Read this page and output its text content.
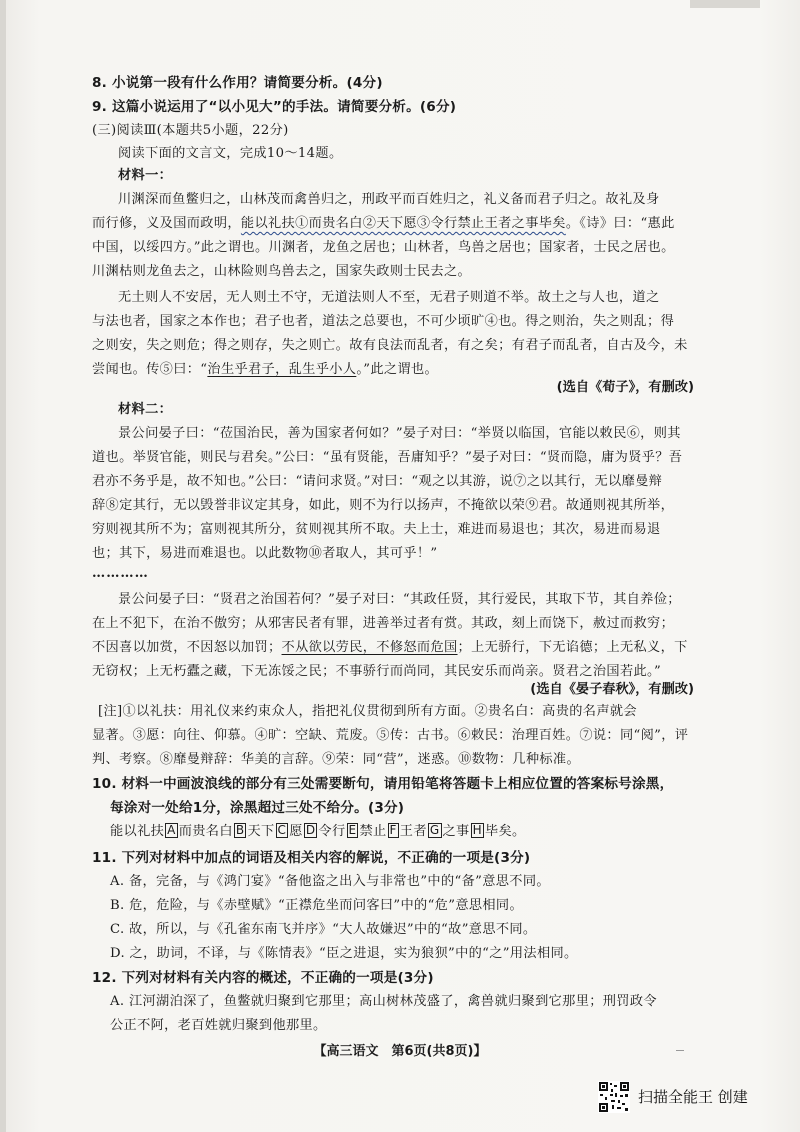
8. 小说第一段有什么作用？请简要分析。(4分)
9. 这篇小说运用了“以小见大”的手法。请简要分析。(6分)
(三)阅读Ⅲ(本题共5小题，22分)
阅读下面的文言文，完成10～14题。
材料一：
川渊深而鱼鳖归之，山林茂而禽兽归之，刑政平而百姓归之，礼义备而君子归之。故礼及身
而行修，义及国而政明，能以礼扶①而贵名白②天下愿③令行禁止王者之事毕矣。《诗》曰：“惠此
中国，以绥四方。”此之谓也。川渊者，龙鱼之居也；山林者，鸟兽之居也；国家者，士民之居也。
川渊枯则龙鱼去之，山林险则鸟兽去之，国家失政则士民去之。
无土则人不安居，无人则土不守，无道法则人不至，无君子则道不举。故土之与人也，道之
与法也者，国家之本作也；君子也者，道法之总要也，不可少顷旷④也。得之则治，失之则乱；得
之则安，失之则危；得之则存，失之则亡。故有良法而乱者，有之矣；有君子而乱者，自古及今，未
尝闻也。传⑤曰：“治生乎君子，乱生乎小人。”此之谓也。
(选自《荀子》，有删改)
材料二：
景公问晏子曰：“莅国治民，善为国家者何如？”晏子对曰：“举贤以临国，官能以敕民⑥，则其
道也。举贤官能，则民与君矣。”公曰：“虽有贤能，吾庸知乎？”晏子对曰：“贤而隐，庸为贤乎？吾
君亦不务乎是，故不知也。”公曰：“请问求贤。”对曰：“观之以其游，说⑦之以其行，无以靡曼辩
辞⑧定其行，无以毁誉非议定其身，如此，则不为行以扬声，不掩欲以荣⑨君。故通则视其所举，
穷则视其所不为；富则视其所分，贫则视其所不取。夫上士，难进而易退也；其次，易进而易退
也；其下，易进而难退也。以此数物⑩者取人，其可乎！”
…………
景公问晏子曰：“贤君之治国若何？”晏子对曰：“其政任贤，其行爱民，其取下节，其自养俭；
在上不犯下，在治不傲穷；从邪害民者有罪，进善举过者有赏。其政，刻上而饶下，赦过而救穷；
不因喜以加赏，不因怒以加罚；不从欲以劳民，不修怒而危国；上无骄行，下无谄德；上无私义，下
无窃权；上无朽蠹之藏，下无冻馁之民；不事骄行而尚同，其民安乐而尚亲。贤君之治国若此。”
(选自《晏子春秋》，有删改)
[注]①以礼扶：用礼仪来约束众人，指把礼仪贯彻到所有方面。②贵名白：高贵的名声就会
显著。③愿：向往、仰慕。④旷：空缺、荒废。⑤传：古书。⑥敕民：治理百姓。⑦说：同“阅”，评
判、考察。⑧靡曼辩辞：华美的言辞。⑨荣：同“营”，迷惑。⑩数物：几种标准。
10. 材料一中画波浪线的部分有三处需要断句，请用铅笔将答题卡上相应位置的答案标号涂黑，
每涂对一处给1分，涂黑超过三处不给分。(3分)
能以礼扶 A 而贵名白 B 天下 C 愿 D 令行 E 禁止 F 王者 G 之事 H 毕矣。
11. 下列对材料中加点的词语及相关内容的解说，不正确的一项是(3分)
A. 备，完备，与《鸿门宴》“备他盗之出入与非常也”中的“备”意思不同。
B. 危，危险，与《赤壁赋》“正襟危坐而问客曰”中的“危”意思相同。
C. 故，所以，与《孔雀东南飞并序》“大人故嫌迟”中的“故”意思不同。
D. 之，助词，不译，与《陈情表》“臣之进退，实为狼狈”中的“之”用法相同。
12. 下列对材料有关内容的概述，不正确的一项是(3分)
A. 江河湖泊深了，鱼鳖就归聚到它那里；高山树林茂盛了，禽兽就归聚到它那里；刑罚政令
公正不阿，老百姓就归聚到他那里。
【高三语文　第6页(共8页)】
扫描全能王 创建
